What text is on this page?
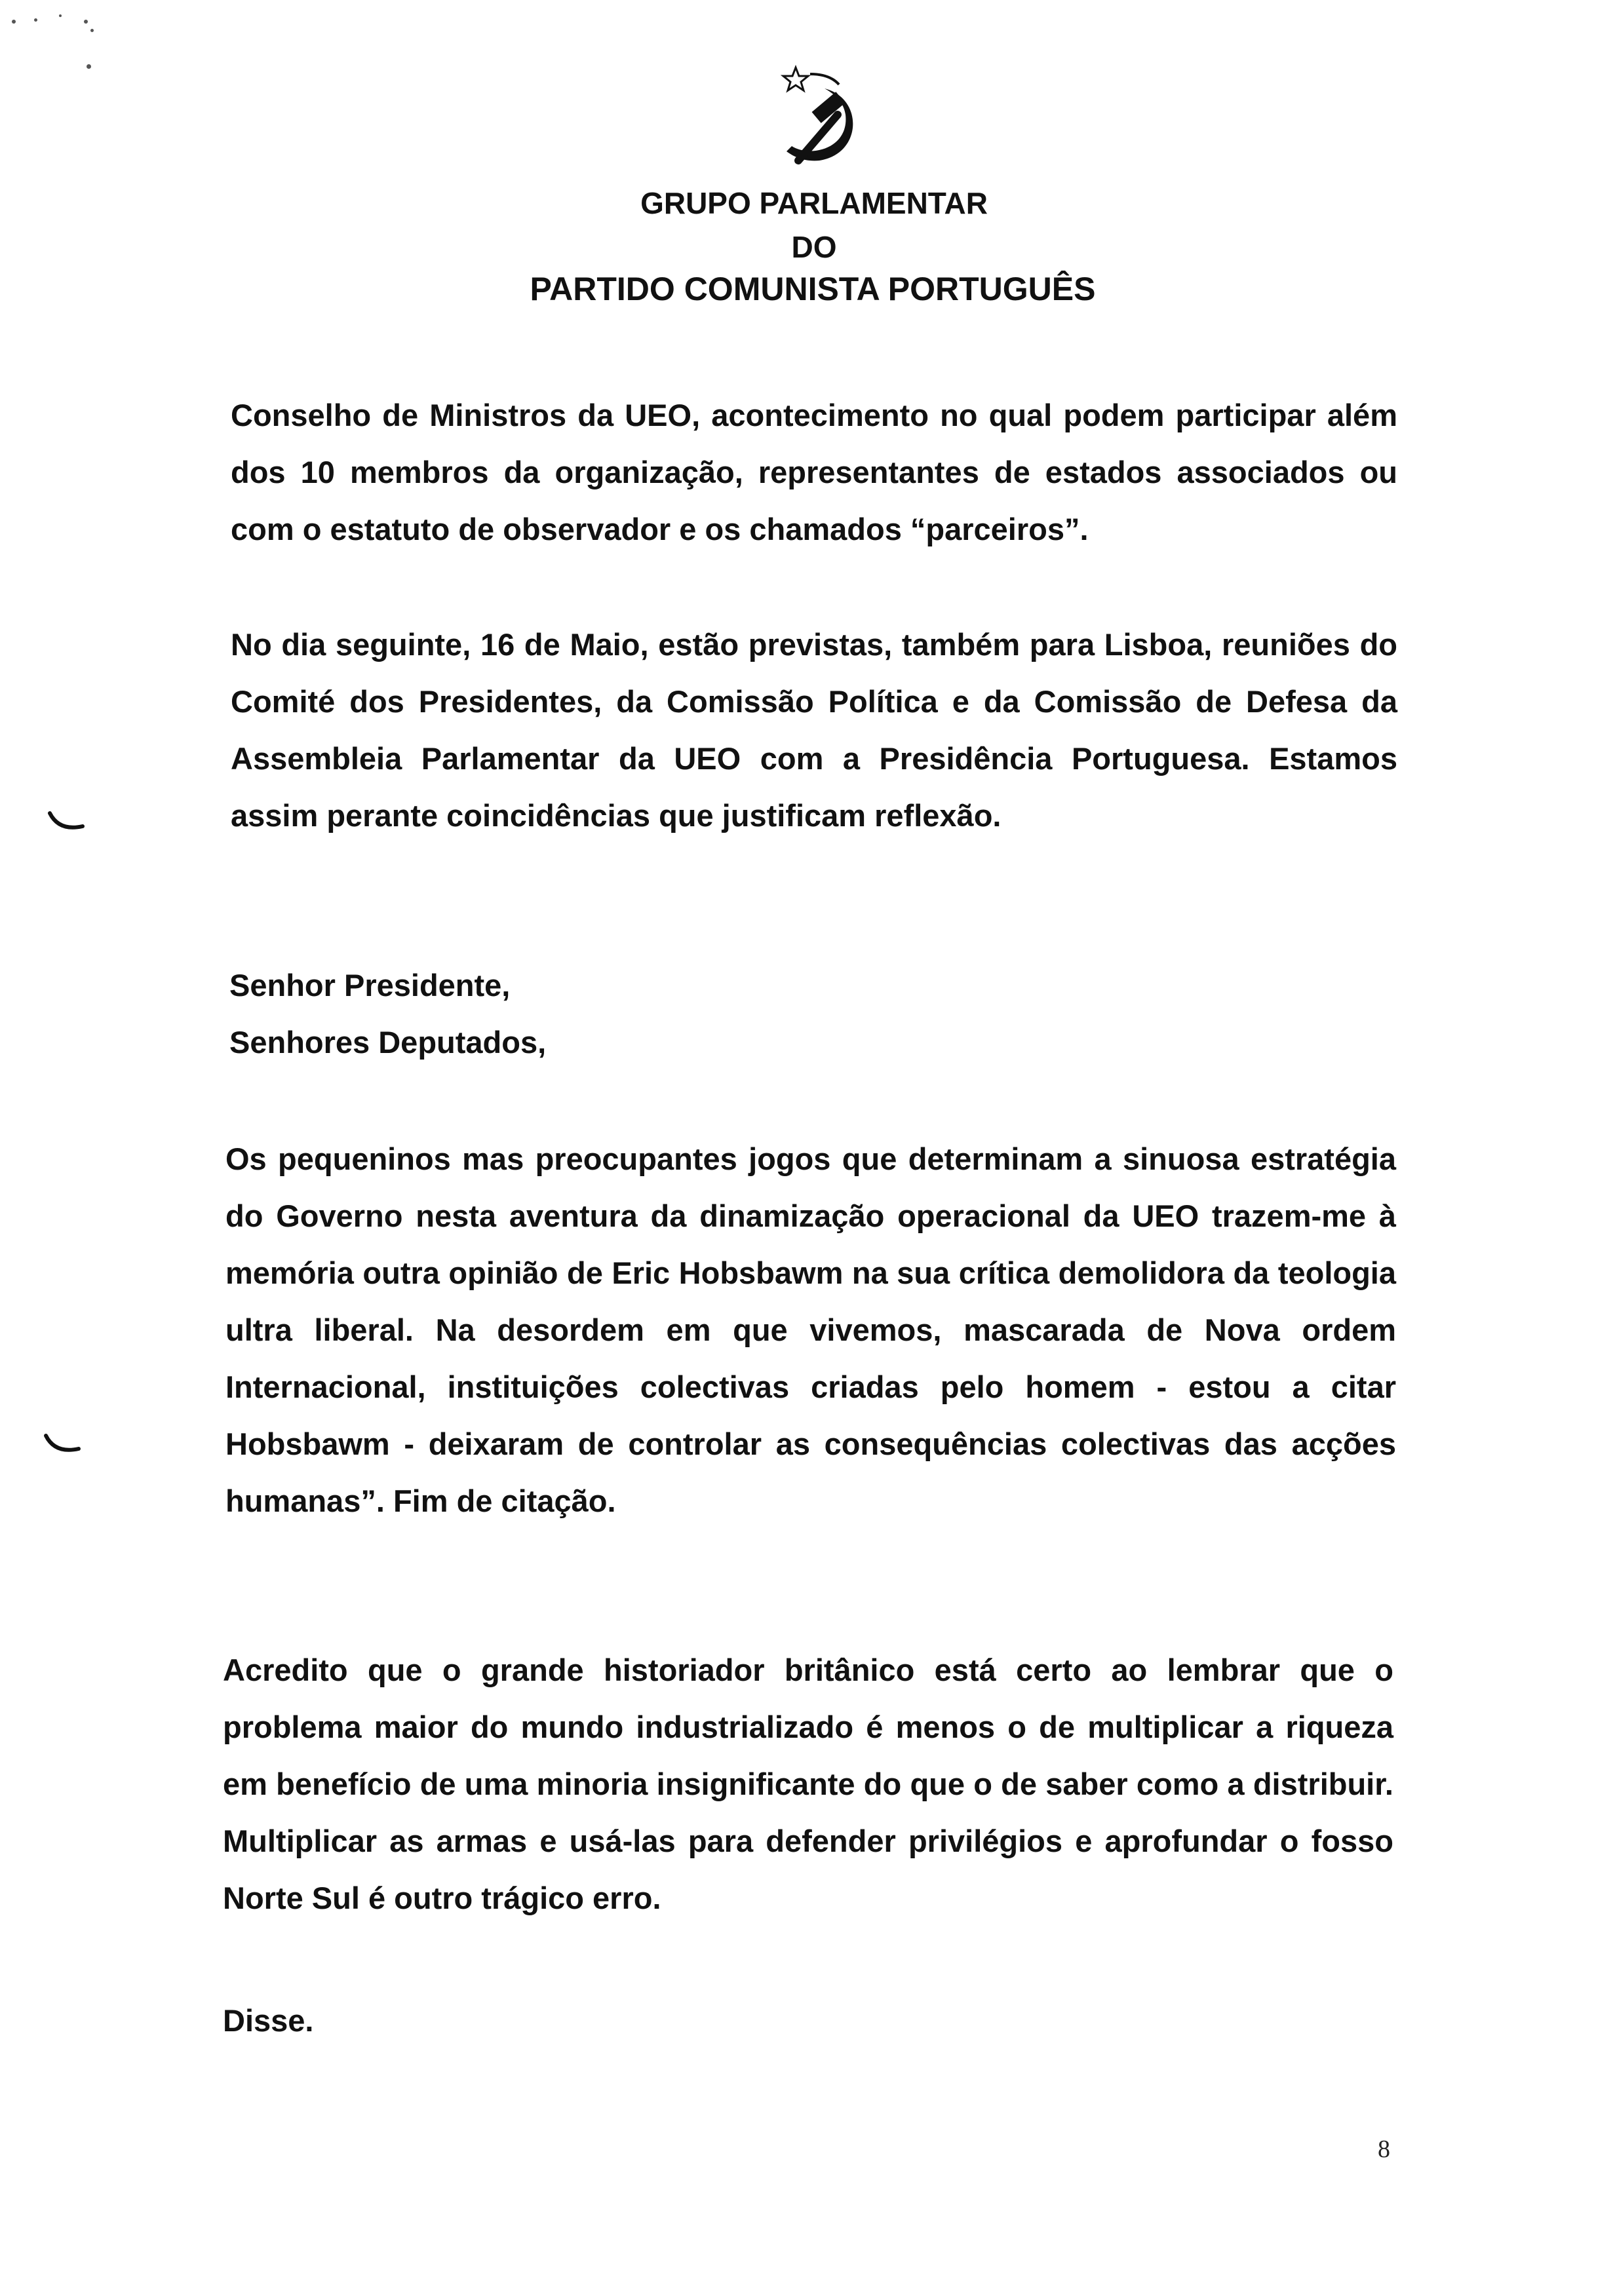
GRUPO PARLAMENTAR
DO
PARTIDO COMUNISTA PORTUGUÊS
Conselho de Ministros da UEO, acontecimento no qual podem participar além dos 10 membros da organização, representantes de estados associados ou com o estatuto de observador e os chamados “parceiros”.
No dia seguinte, 16 de Maio, estão previstas, também para Lisboa, reuniões do Comité dos Presidentes, da Comissão Política e da Comissão de Defesa da Assembleia Parlamentar da UEO com a Presidência Portuguesa. Estamos assim perante coincidências que justificam reflexão.
Senhor Presidente,
Senhores Deputados,
Os pequeninos mas preocupantes jogos que determinam a sinuosa estratégia do Governo nesta aventura da dinamização operacional da UEO trazem-me à memória outra opinião de Eric Hobsbawm na sua crítica demolidora da teologia ultra liberal. Na desordem em que vivemos, mascarada de Nova ordem Internacional, instituições colectivas criadas pelo homem - estou a citar Hobsbawm - deixaram de controlar as consequências colectivas das acções humanas”. Fim de citação.
Acredito que o grande historiador britânico está certo ao lembrar que o problema maior do mundo industrializado é menos o de multiplicar a riqueza em benefício de uma minoria insignificante do que o de saber como a distribuir. Multiplicar as armas e usá-las para defender privilégios e aprofundar o fosso Norte Sul é outro trágico erro.
Disse.
8
